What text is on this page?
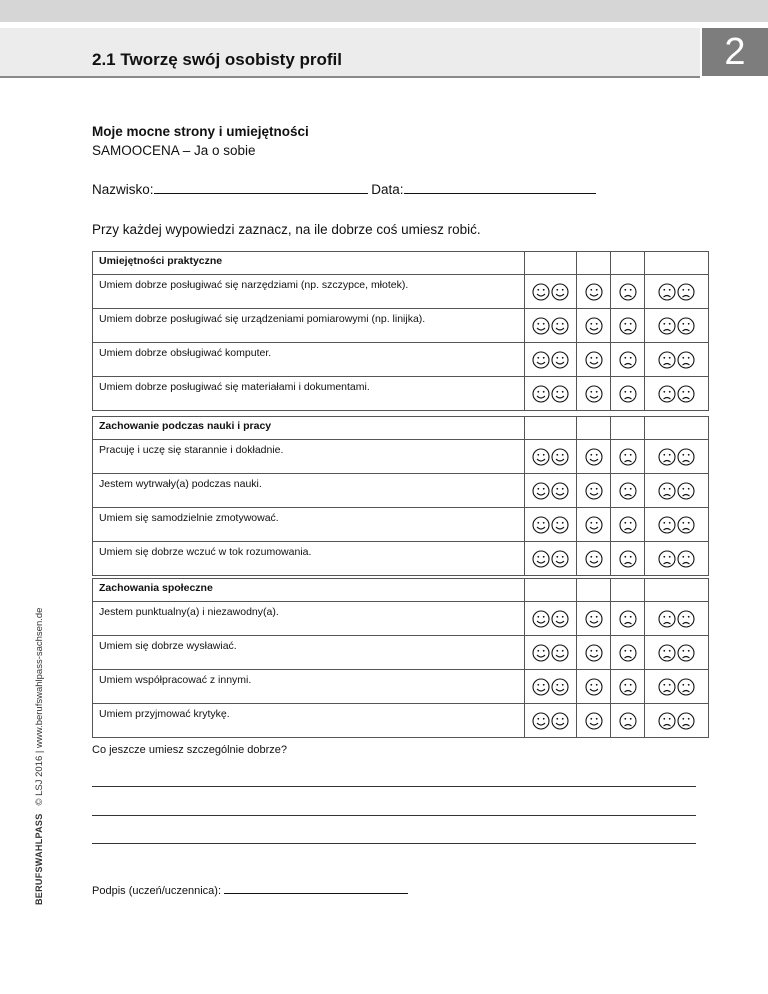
2.1 Tworzę swój osobisty profil	2
Moje mocne strony i umiejętności
SAMOOCENA – Ja o sobie
Nazwisko:	Data:
Przy każdej wypowiedzi zaznacz, na ile dobrze coś umiesz robić.
Umiejętności praktyczne				
Umiem dobrze posługiwać się narzędziami (np. szczypce, młotek).				
Umiem dobrze posługiwać się urządzeniami pomiarowymi (np. linijka).				
Umiem dobrze obsługiwać komputer.				
Umiem dobrze posługiwać się materiałami i dokumentami.				
Zachowanie podczas nauki i pracy				
Pracuję i uczę się starannie i dokładnie.				
Jestem wytrwały(a) podczas nauki.				
Umiem się samodzielnie zmotywować.				
Umiem się dobrze wczuć w tok rozumowania.				
Zachowania społeczne				
Jestem punktualny(a) i niezawodny(a).				
Umiem się dobrze wysławiać.				
Umiem współpracować z innymi.				
Umiem przyjmować krytykę.				
Co jeszcze umiesz szczególnie dobrze?
Podpis (uczeń/uczennica):
BERUFSWAHLPASS   © LSJ 2016 | www.berufswahlpass-sachsen.de
